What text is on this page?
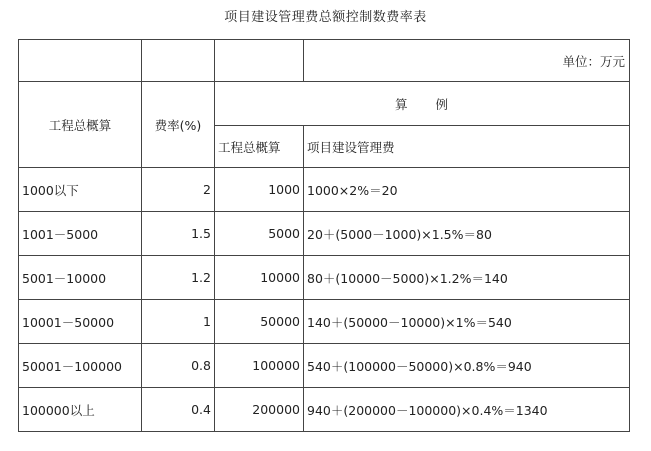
项目建设管理费总额控制数费率表
			单位：万元
工程总概算	费率(%)	算 例	
		工程总概算	项目建设管理费
1000以下	2	1000	1000×2%＝20
1001－5000	1.5	5000	20＋(5000－1000)×1.5%＝80
5001－10000	1.2	10000	80＋(10000－5000)×1.2%＝140
10001－50000	1	50000	140＋(50000－10000)×1%＝540
50001－100000	0.8	100000	540＋(100000－50000)×0.8%＝940
100000以上	0.4	200000	940＋(200000－100000)×0.4%＝1340
